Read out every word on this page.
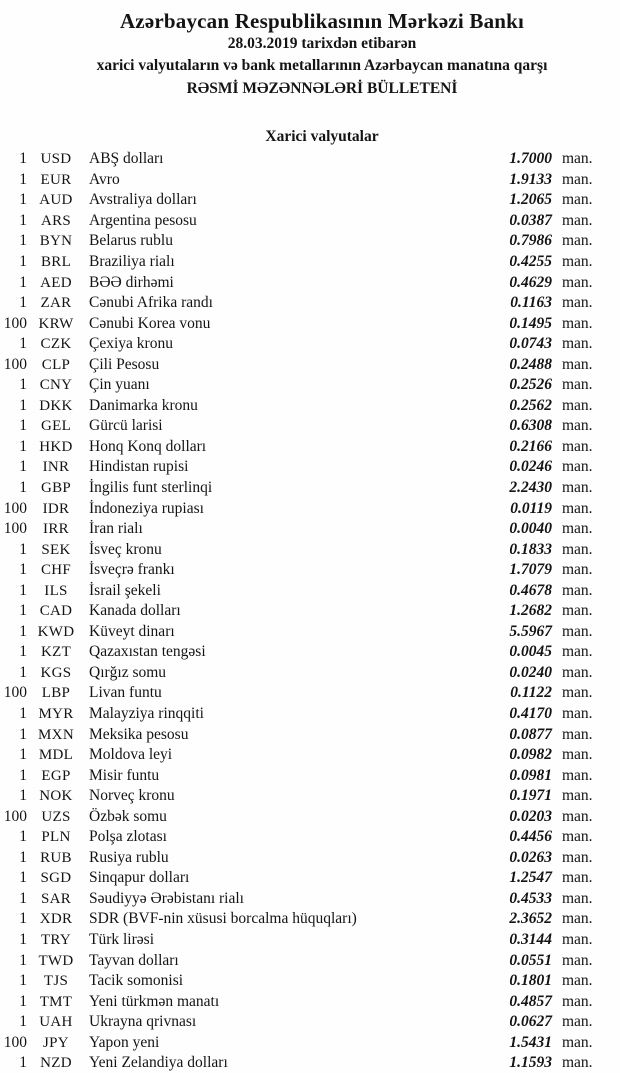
Azərbaycan Respublikasının Mərkəzi Bankı
28.03.2019 tarixdən etibarən
xarici valyutaların və bank metallarının Azərbaycan manatına qarşı
RƏSMİ MƏZƏNNƏLƏRİ BÜLLETENİ
Xarici valyutalar
1 USD	ABŞ dolları	1.7000 man.
1 EUR	Avro	1.9133 man.
1 AUD	Avstraliya dolları	1.2065 man.
1 ARS	Argentina pesosu	0.0387 man.
1 BYN	Belarus rublu	0.7986 man.
1 BRL	Braziliya rialı	0.4255 man.
1 AED	BƏƏ dirhəmi	0.4629 man.
1 ZAR	Cənubi Afrika randı	0.1163 man.
100 KRW Cənubi Korea vonu	0.1495 man.
1 CZK	Çexiya kronu	0.0743 man.
100 CLP	Çili Pesosu	0.2488 man.
1 CNY	Çin yuanı	0.2526 man.
1 DKK	Danimarka kronu	0.2562 man.
1 GEL	Gürcü larisi	0.6308 man.
1 HKD	Honq Konq dolları	0.2166 man.
1	INR	Hindistan rupisi	0.0246 man.
1 GBP	İngilis funt sterlinqi	2.2430 man.
100	IDR	İndoneziya rupiası	0.0119 man.
100	IRR	İran rialı	0.0040 man.
1 SEK	İsveç kronu	0.1833 man.
1 CHF	İsveçrə frankı	1.7079 man.
1	ILS	İsrail şekeli	0.4678 man.
1 CAD	Kanada dolları	1.2682 man.
1 KWD Küveyt dinarı	5.5967 man.
1 KZT	Qazaxıstan tengəsi	0.0045 man.
1 KGS	Qırğız somu	0.0240 man.
100 LBP	Livan funtu	0.1122 man.
1 MYR Malayziya rinqqiti	0.4170 man.
1 MXN Meksika pesosu	0.0877 man.
1 MDL	Moldova leyi	0.0982 man.
1 EGP	Misir funtu	0.0981 man.
1 NOK	Norveç kronu	0.1971 man.
100 UZS	Özbək somu	0.0203 man.
1 PLN	Polşa zlotası	0.4456 man.
1 RUB	Rusiya rublu	0.0263 man.
1 SGD	Sinqapur dolları	1.2547 man.
1 SAR	Səudiyyə Ərəbistanı rialı	0.4533 man.
1 XDR	SDR (BVF-nin xüsusi borcalma hüquqları)	2.3652 man.
1 TRY	Türk lirəsi	0.3144 man.
1 TWD Tayvan dolları	0.0551 man.
1	TJS	Tacik somonisi	0.1801 man.
1 TMT	Yeni türkmən manatı	0.4857 man.
1 UAH	Ukrayna qrivnası	0.0627 man.
100	JPY	Yapon yeni	1.5431 man.
1 NZD	Yeni Zelandiya dolları	1.1593 man.
